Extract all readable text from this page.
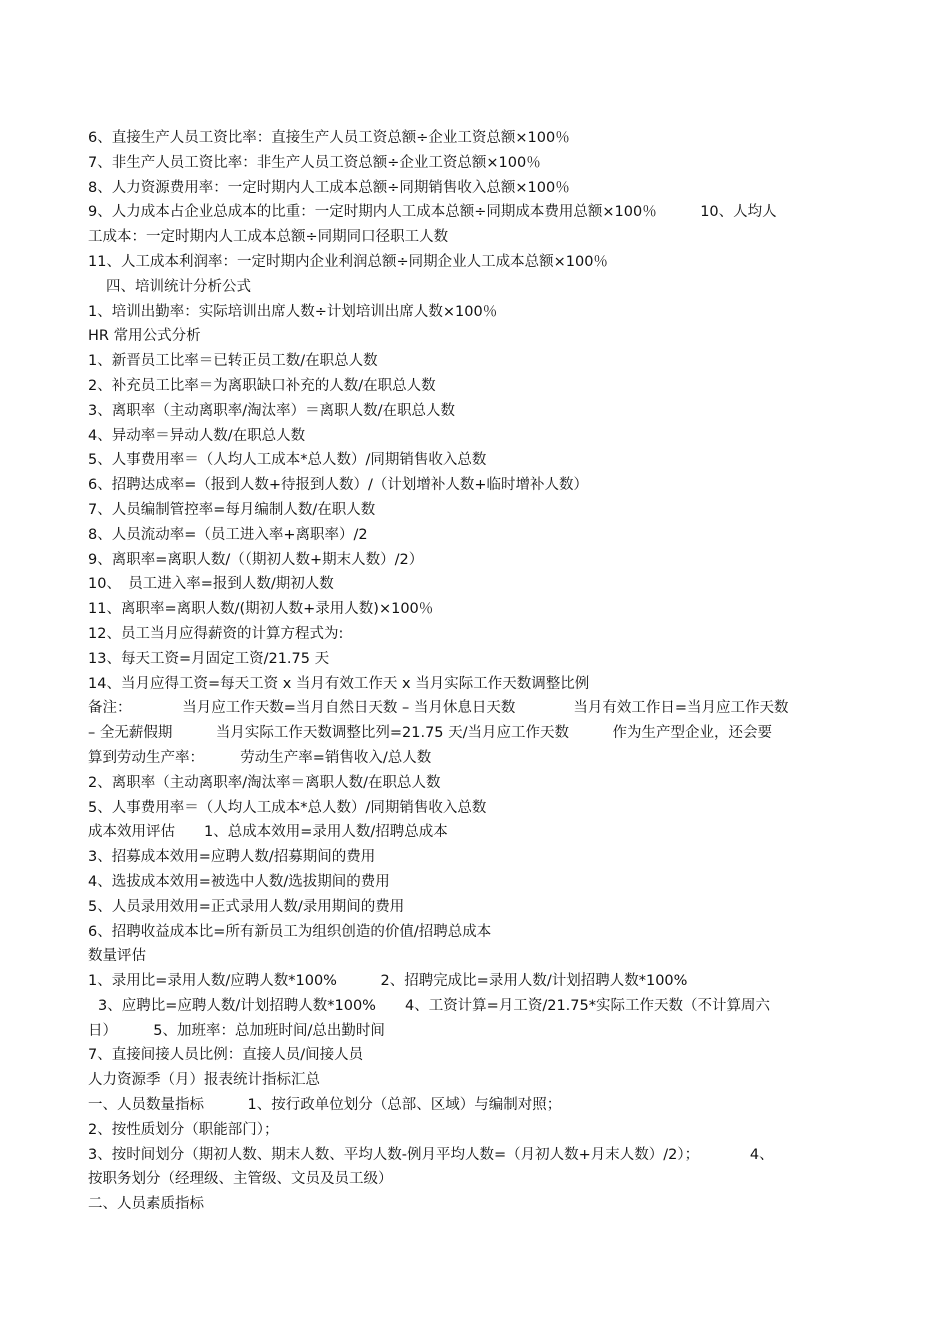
6、直接生产人员工资比率：直接生产人员工资总额÷企业工资总额×100％
7、非生产人员工资比率：非生产人员工资总额÷企业工资总额×100％
8、人力资源费用率：一定时期内人工成本总额÷同期销售收入总额×100％
9、人力成本占企业总成本的比重：一定时期内人工成本总额÷同期成本费用总额×100％　　　10、人均人
工成本：一定时期内人工成本总额÷同期同口径职工人数
11、人工成本利润率：一定时期内企业利润总额÷同期企业人工成本总额×100％
四、培训统计分析公式
1、培训出勤率：实际培训出席人数÷计划培训出席人数×100％
HR 常用公式分析
1、新晋员工比率＝已转正员工数/在职总人数
2、补充员工比率＝为离职缺口补充的人数/在职总人数
3、离职率（主动离职率/淘汰率）＝离职人数/在职总人数
4、异动率＝异动人数/在职总人数
5、人事费用率＝（人均人工成本*总人数）/同期销售收入总数
6、招聘达成率=（报到人数+待报到人数）/（计划增补人数+临时增补人数）
7、人员编制管控率=每月编制人数/在职人数
8、人员流动率=（员工进入率+离职率）/2
9、离职率=离职人数/（（期初人数+期末人数）/2）
10、　员工进入率=报到人数/期初人数
11、离职率=离职人数/(期初人数+录用人数)×100％
12、员工当月应得薪资的计算方程式为:
13、每天工资=月固定工资/21.75 天
14、当月应得工资=每天工资 x 当月有效工作天 x 当月实际工作天数调整比例
备注：　　　　当月应工作天数=当月自然日天数 – 当月休息日天数　　　　当月有效工作日=当月应工作天数
– 全无薪假期　　　当月实际工作天数调整比列=21.75 天/当月应工作天数　　　作为生产型企业，还会要
算到劳动生产率：　　　劳动生产率=销售收入/总人数
2、离职率（主动离职率/淘汰率＝离职人数/在职总人数
5、人事费用率＝（人均人工成本*总人数）/同期销售收入总数
成本效用评估　　1、总成本效用=录用人数/招聘总成本
3、招募成本效用=应聘人数/招募期间的费用
4、选拔成本效用=被选中人数/选拔期间的费用
5、人员录用效用=正式录用人数/录用期间的费用
6、招聘收益成本比=所有新员工为组织创造的价值/招聘总成本
数量评估
1、录用比=录用人数/应聘人数*100%　　　2、招聘完成比=录用人数/计划招聘人数*100%
3、应聘比=应聘人数/计划招聘人数*100%　　4、工资计算=月工资/21.75*实际工作天数（不计算周六
日）　　　5、加班率：总加班时间/总出勤时间
7、直接间接人员比例：直接人员/间接人员
人力资源季（月）报表统计指标汇总
一、人员数量指标　　　1、按行政单位划分（总部、区域）与编制对照；
2、按性质划分（职能部门）；
3、按时间划分（期初人数、期末人数、平均人数-例月平均人数=（月初人数+月末人数）/2）；　　　　4、
按职务划分（经理级、主管级、文员及员工级）
二、人员素质指标
